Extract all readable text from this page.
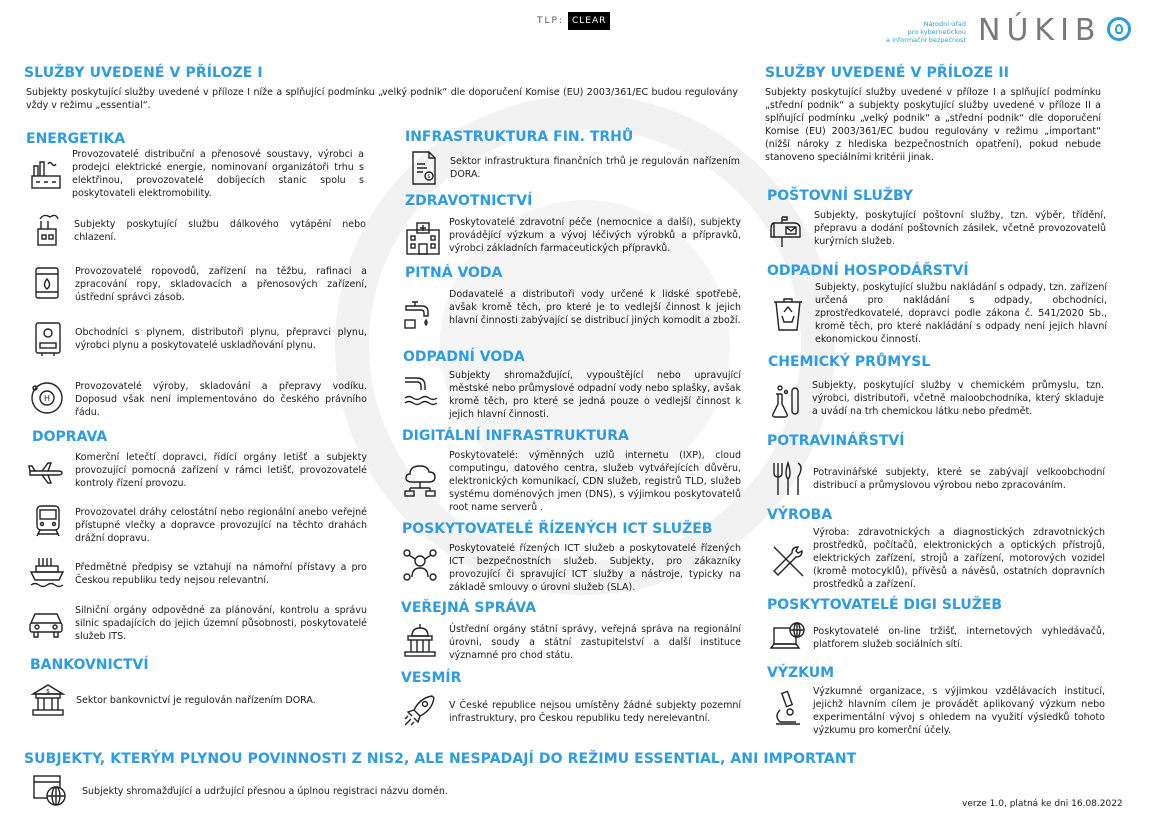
TLP: CLEAR	Národní úřad
pro kybernetickou
a informační bezpečnost NÚKIB
SLUŽBY UVEDENÉ V PŘÍLOZE I
Subjekty poskytující služby uvedené v příloze I níže a splňující podmínku „velký podnik“ dle doporučení Komise (EU) 2003/361/EC budou regulovány vždy v režimu „essential“.
SLUŽBY UVEDENÉ V PŘÍLOZE II
Subjekty poskytující služby uvedené v příloze I a splňující podmínku „střední podnik“ a subjekty poskytující služby uvedené v příloze II a splňující podmínku „velký podnik“ a „střední podnik“ dle doporučení Komise (EU) 2003/361/EC budou regulovány v režimu „important“ (nižší nároky z hlediska bezpečnostních opatření), pokud nebude stanoveno speciálními kritérii jinak.
ENERGETIKA
Provozovatelé distribuční a přenosové soustavy, výrobci a prodejci elektrické energie, nominovaní organizátoři trhu s elektřinou, provozovatelé dobíjecích stanic spolu s poskytovateli elektromobility.
Subjekty poskytující službu dálkového vytápění nebo chlazení.
Provozovatelé ropovodů, zařízení na těžbu, rafinaci a zpracování ropy, skladovacích a přenosových zařízení, ústřední správci zásob.
Obchodníci s plynem, distributoři plynu, přepravci plynu, výrobci plynu a poskytovatelé uskladňování plynu.
H
Provozovatelé výroby, skladování a přepravy vodíku. Doposud však není implementováno do českého právního řádu.
DOPRAVA
Komerční letečtí dopravci, řídící orgány letišť a subjekty provozující pomocná zařízení v rámci letišť, provozovatelé kontroly řízení provozu.
Provozovatel dráhy celostátní nebo regionální anebo veřejné přístupné vlečky a dopravce provozující na těchto drahách drážní dopravu.
Předmětné předpisy se vztahují na námořní přístavy a pro Českou republiku tedy nejsou relevantní.
Silniční orgány odpovědné za plánování, kontrolu a správu silnic spadajících do jejich územní působnosti, poskytovatelé služeb ITS.
BANKOVNICTVÍ
$
Sektor bankovnictví je regulován nařízením DORA.
INFRASTRUKTURA FIN. TRHŮ
$
Sektor infrastruktura finančních trhů je regulován nařízením DORA.
ZDRAVOTNICTVÍ
Poskytovatelé zdravotní péče (nemocnice a další), subjekty provádějící výzkum a vývoj léčivých výrobků a přípravků, výrobci základních farmaceutických přípravků.
PITNÁ VODA
Dodavatelé a distributoři vody určené k lidské spotřebě, avšak kromě těch, pro které je to vedlejší činnost k jejich hlavní činnosti zabývající se distribucí jiných komodit a zboží.
ODPADNÍ VODA
Subjekty shromažďující, vypouštějící nebo upravující městské nebo průmyslové odpadní vody nebo splašky, avšak kromě těch, pro které se jedná pouze o vedlejší činnost k jejich hlavní činnosti.
DIGITÁLNÍ INFRASTRUKTURA
Poskytovatelé: výměnných uzlů internetu (IXP), cloud computingu, datového centra, služeb vytvářejících důvěru, elektronických komunikací, CDN služeb, registrů TLD, služeb systému doménových jmen (DNS), s výjimkou poskytovatelů root name serverů .
POSKYTOVATELÉ ŘÍZENÝCH ICT SLUŽEB
Poskytovatelé řízených ICT služeb a poskytovatelé řízených ICT bezpečnostních služeb. Subjekty, pro zákazníky provozující či spravující ICT služby a nástroje, typicky na základě smlouvy o úrovni služeb (SLA).
VEŘEJNÁ SPRÁVA
Ústřední orgány státní správy, veřejná správa na regionální úrovni, soudy a státní zastupitelství a další instituce významné pro chod státu.
VESMÍR
V České republice nejsou umístěny žádné subjekty pozemní infrastruktury, pro Českou republiku tedy nerelevantní.
POŠTOVNÍ SLUŽBY
Subjekty, poskytující poštovní služby, tzn. výběr, třídění, přepravu a dodání poštovních zásilek, včetně provozovatelů kurýrních služeb.
ODPADNÍ HOSPODÁŘSTVÍ
Subjekty, poskytující službu nakládání s odpady, tzn. zařízení určená pro nakládání s odpady, obchodníci, zprostředkovatelé, dopravci podle zákona č. 541/2020 Sb., kromě těch, pro které nakládání s odpady není jejich hlavní ekonomickou činností.
CHEMICKÝ PRŮMYSL
Subjekty, poskytující služby v chemickém průmyslu, tzn. výrobci, distributoři, včetně maloobchodníka, který skladuje a uvádí na trh chemickou látku nebo předmět.
POTRAVINÁŘSTVÍ
Potravinářské subjekty, které se zabývají velkoobchodní distribucí a průmyslovou výrobou nebo zpracováním.
VÝROBA
Výroba: zdravotnických a diagnostických zdravotnických prostředků, počítačů, elektronických a optických přístrojů, elektrických zařízení, strojů a zařízení, motorových vozidel (kromě motocyklů), přívěsů a návěsů, ostatních dopravních prostředků a zařízení.
POSKYTOVATELÉ DIGI SLUŽEB
Poskytovatelé on-line tržišť, internetových vyhledávačů, platforem služeb sociálních sítí.
VÝZKUM
Výzkumné organizace, s výjimkou vzdělávacích institucí, jejichž hlavním cílem je provádět aplikovaný výzkum nebo experimentální vývoj s ohledem na využití výsledků tohoto výzkumu pro komerční účely.
SUBJEKTY, KTERÝM PLYNOU POVINNOSTI Z NIS2, ALE NESPADAJÍ DO REŽIMU ESSENTIAL, ANI IMPORTANT
Subjekty shromažďující a udržující přesnou a úplnou registraci názvu domén.
verze 1.0, platná ke dni 16.08.2022
